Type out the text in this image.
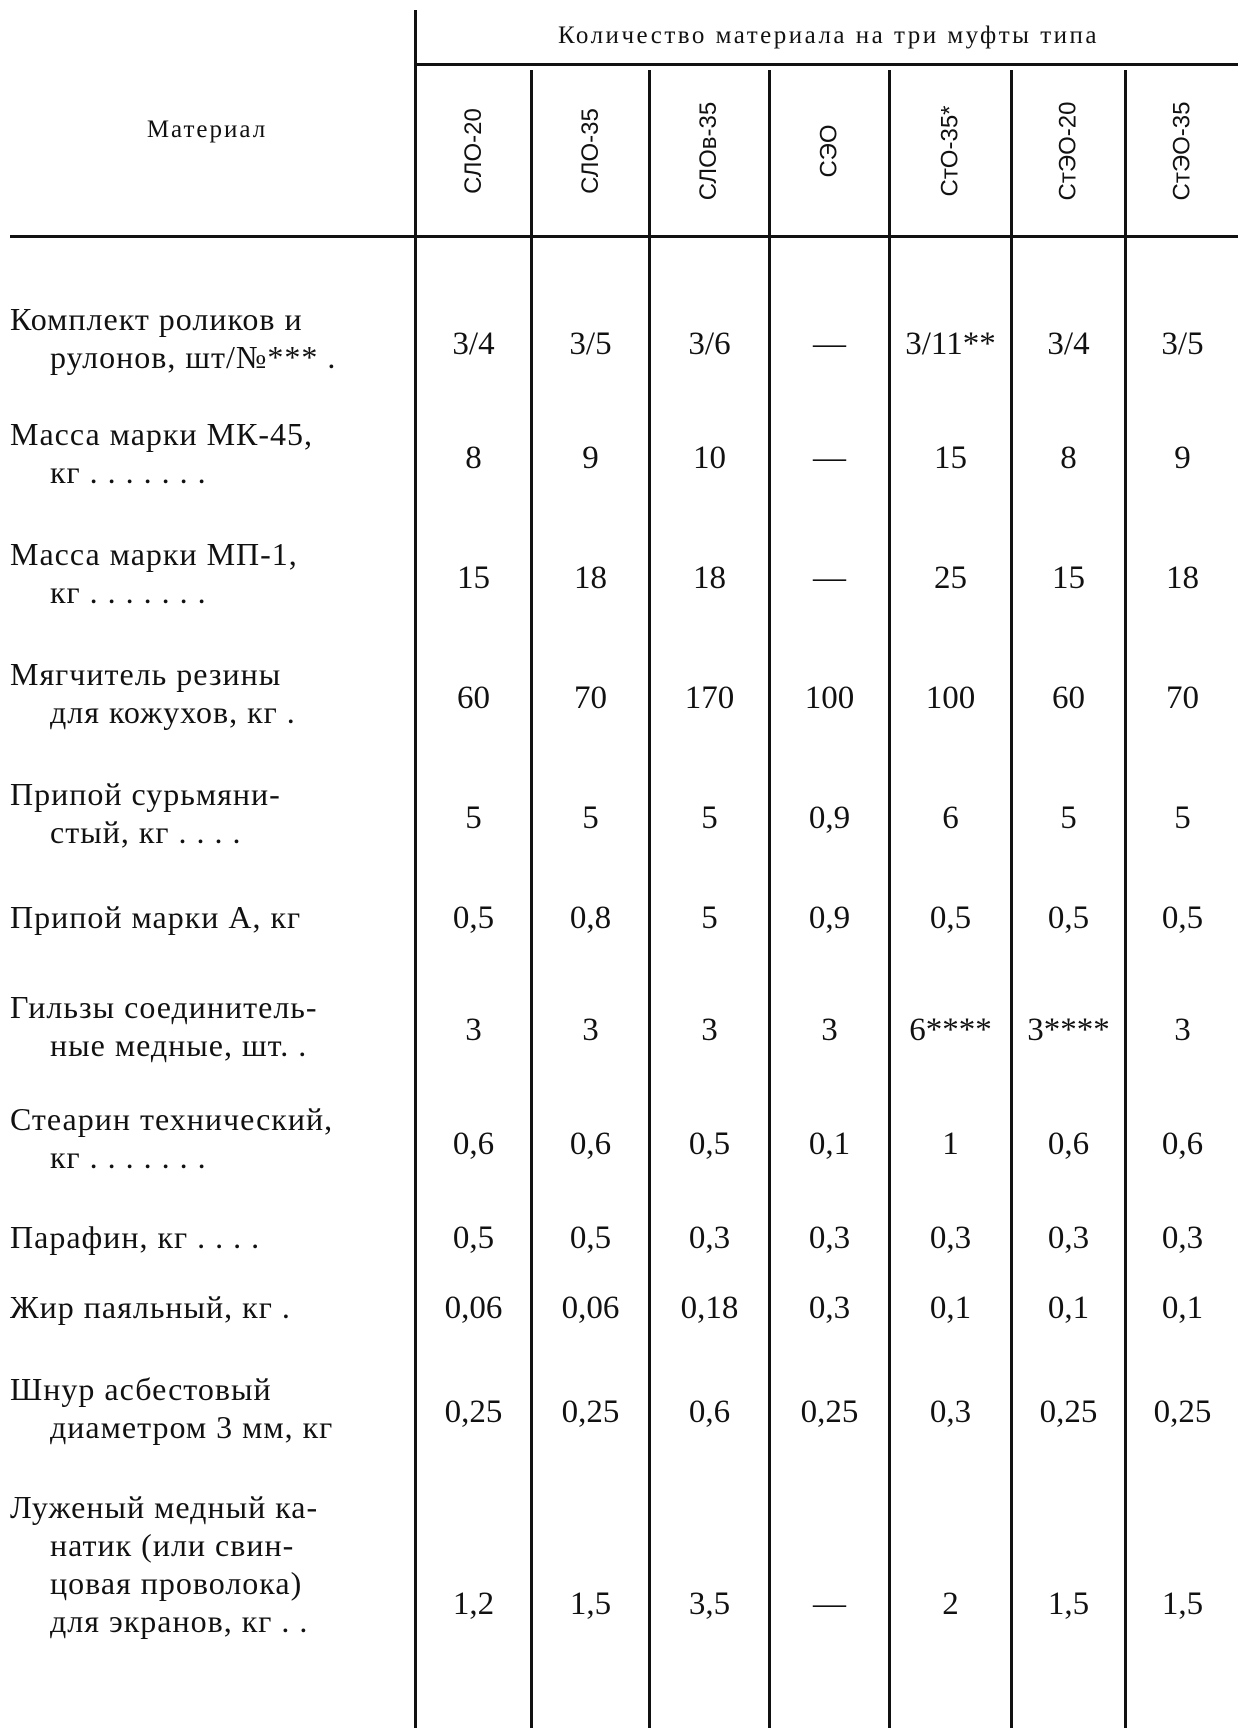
Количество материала на три муфты типа
Материал	СЛО-20	СЛО-35	СЛОв-35	СЭО	СтО-35*	СтЭО-20	СтЭО-35
Комплект роликов и
рулонов, шт/№*** .	3/4	3/5	3/6	—	3/11**	3/4	3/5
Масса марки МК-45,
кг . . . . . . .	8	9	10	—	15	8	9
Масса марки МП-1,
кг . . . . . . .	15	18	18	—	25	15	18
Мягчитель резины
для кожухов, кг .	60	70	170	100	100	60	70
Припой сурьмяни-
стый, кг . . . .	5	5	5	0,9	6	5	5
Припой марки А, кг	0,5	0,8	5	0,9	0,5	0,5	0,5
Гильзы соединитель-
ные медные, шт. .	3	3	3	3	6****	3****	3
Стеарин технический,
кг . . . . . . .	0,6	0,6	0,5	0,1	1	0,6	0,6
Парафин, кг . . . .	0,5	0,5	0,3	0,3	0,3	0,3	0,3
Жир паяльный, кг .	0,06	0,06	0,18	0,3	0,1	0,1	0,1
Шнур асбестовый
диаметром 3 мм, кг	0,25	0,25	0,6	0,25	0,3	0,25	0,25
Луженый медный ка-
натик (или свин-
цовая проволока)
для экранов, кг . .	1,2	1,5	3,5	—	2	1,5	1,5
